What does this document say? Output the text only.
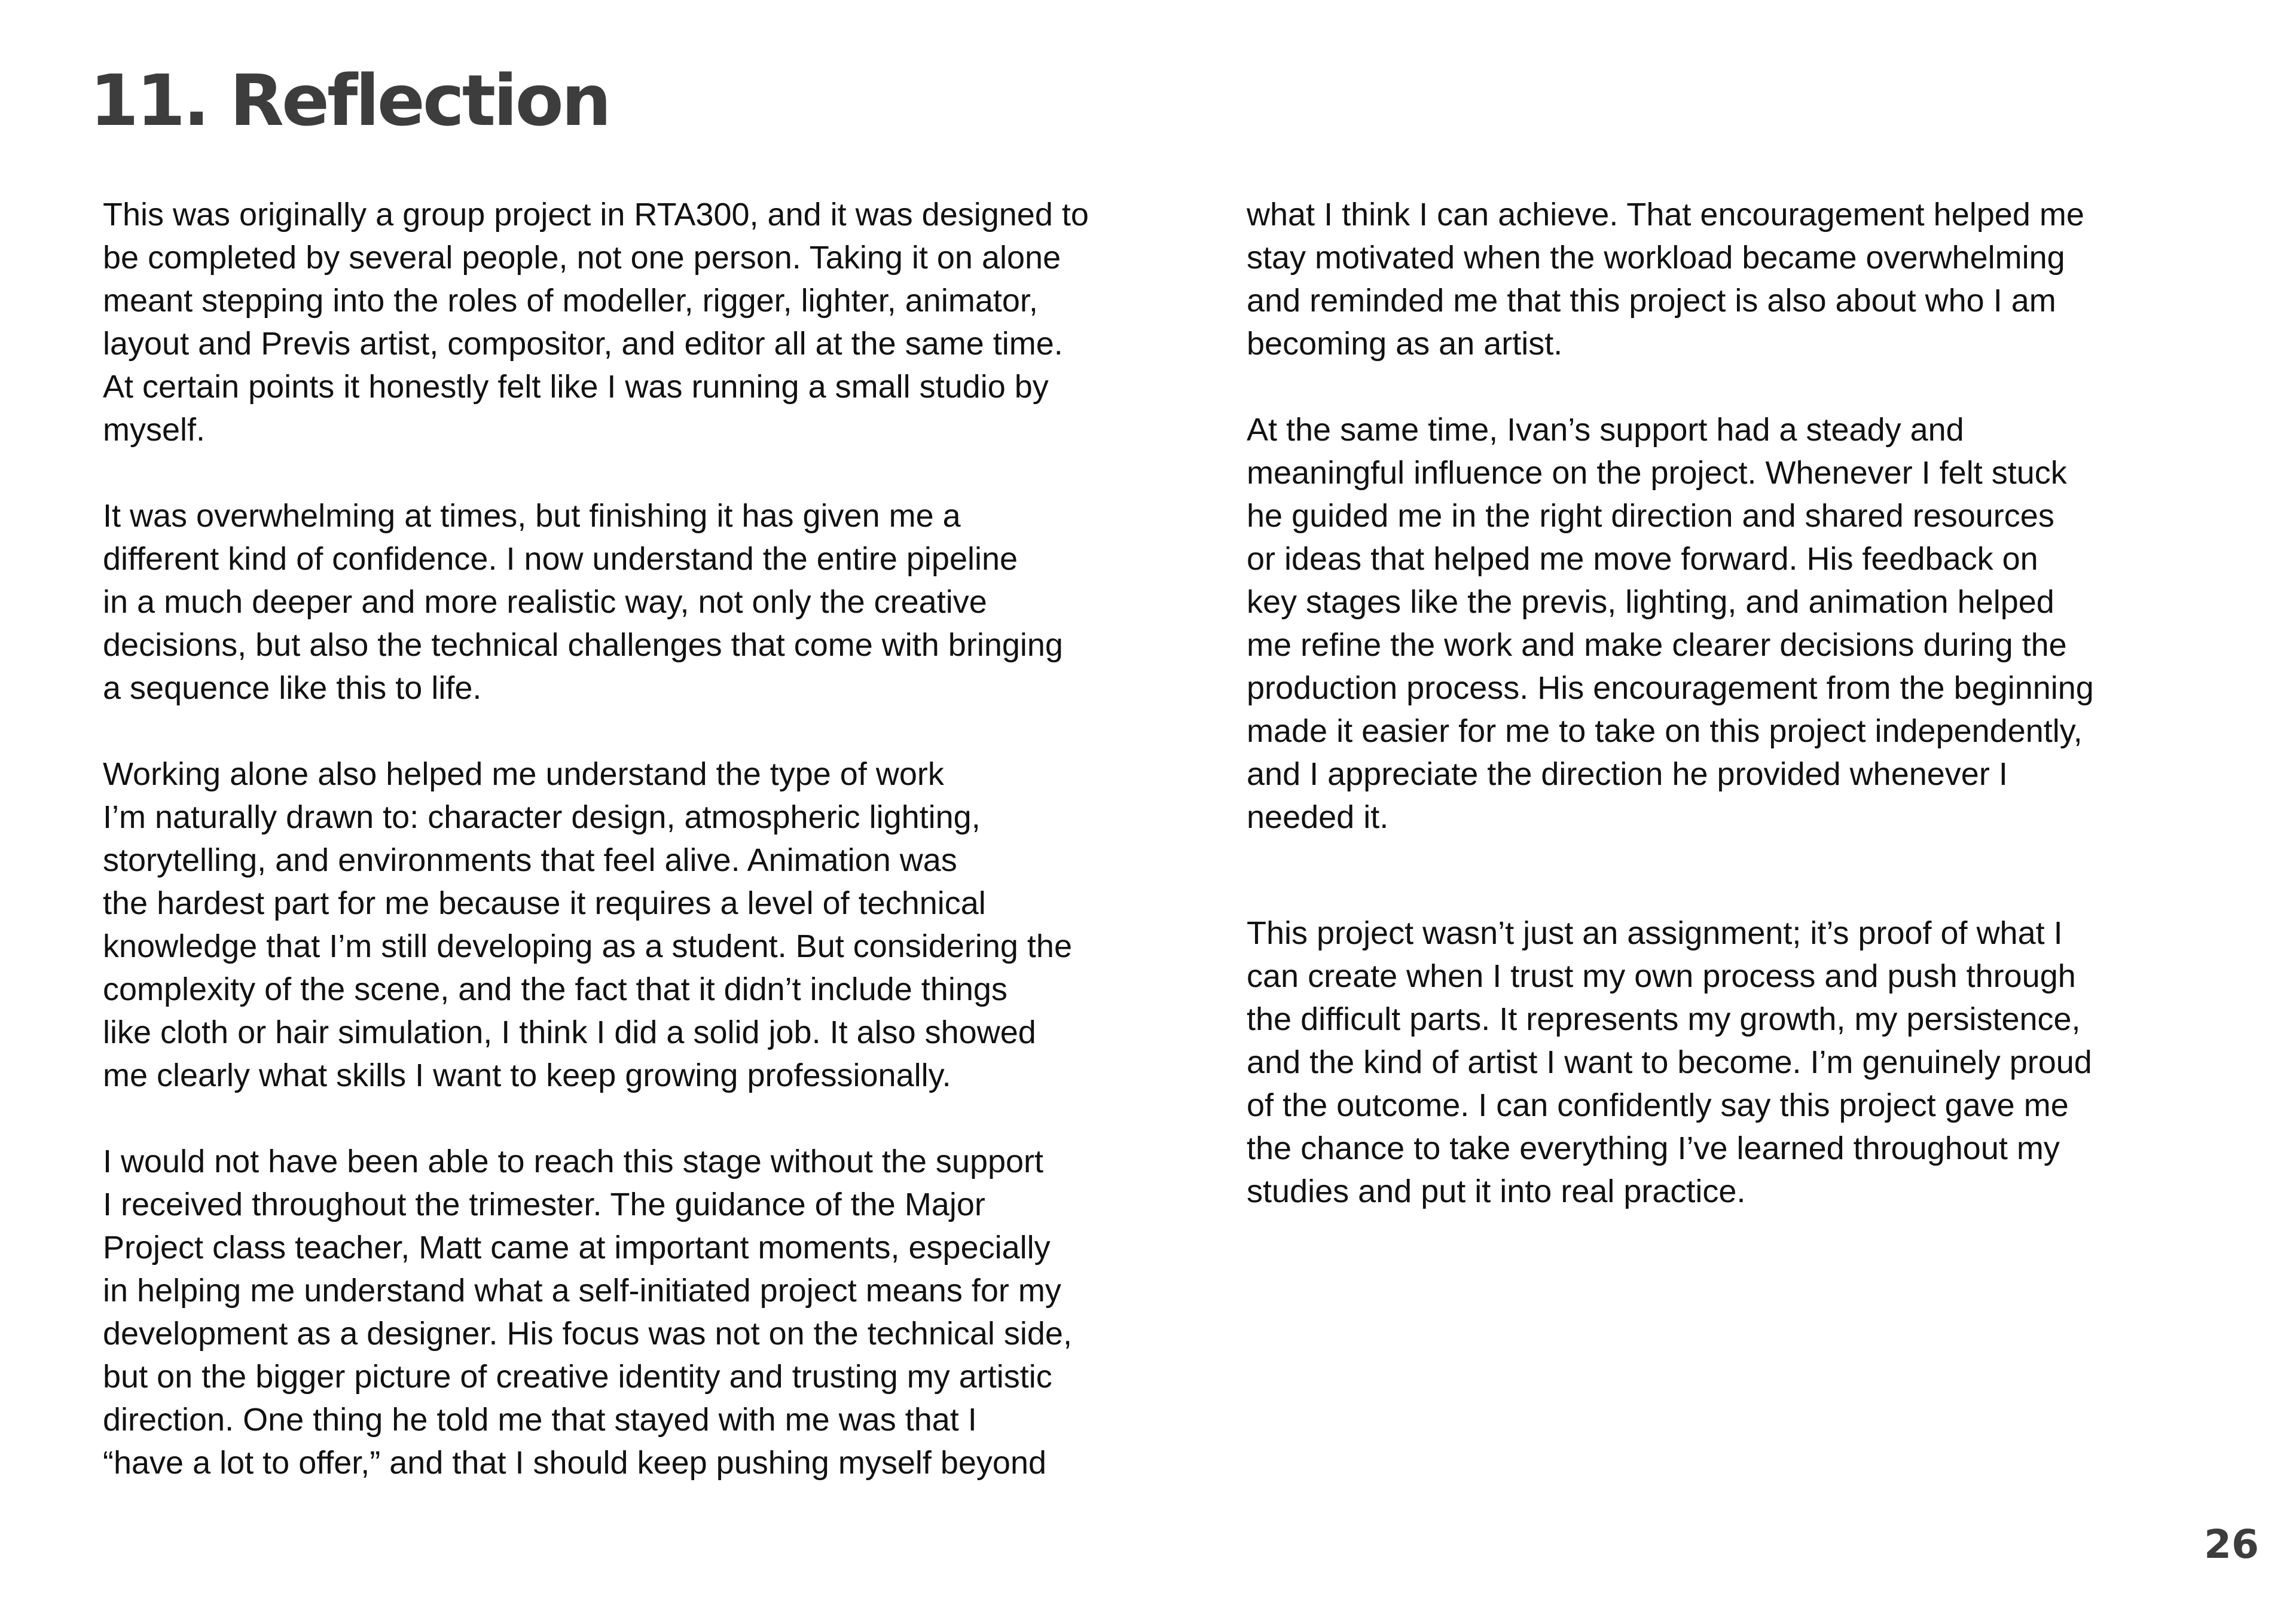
11. Reflection

This was originally a group project in RTA300, and it was designed to
be completed by several people, not one person. Taking it on alone
meant stepping into the roles of modeller, rigger, lighter, animator,
layout and Previs artist, compositor, and editor all at the same time.
At certain points it honestly felt like I was running a small studio by
myself.

It was overwhelming at times, but finishing it has given me a
different kind of confidence. I now understand the entire pipeline
in a much deeper and more realistic way, not only the creative
decisions, but also the technical challenges that come with bringing
a sequence like this to life.

Working alone also helped me understand the type of work
I’m naturally drawn to: character design, atmospheric lighting,
storytelling, and environments that feel alive. Animation was
the hardest part for me because it requires a level of technical
knowledge that I’m still developing as a student. But considering the
complexity of the scene, and the fact that it didn’t include things
like cloth or hair simulation, I think I did a solid job. It also showed
me clearly what skills I want to keep growing professionally.

I would not have been able to reach this stage without the support
I received throughout the trimester. The guidance of the Major
Project class teacher, Matt came at important moments, especially
in helping me understand what a self-initiated project means for my
development as a designer. His focus was not on the technical side,
but on the bigger picture of creative identity and trusting my artistic
direction. One thing he told me that stayed with me was that I
“have a lot to offer,” and that I should keep pushing myself beyond

what I think I can achieve. That encouragement helped me
stay motivated when the workload became overwhelming
and reminded me that this project is also about who I am
becoming as an artist.

At the same time, Ivan’s support had a steady and
meaningful influence on the project. Whenever I felt stuck
he guided me in the right direction and shared resources
or ideas that helped me move forward. His feedback on
key stages like the previs, lighting, and animation helped
me refine the work and make clearer decisions during the
production process. His encouragement from the beginning
made it easier for me to take on this project independently,
and I appreciate the direction he provided whenever I
needed it.

This project wasn’t just an assignment; it’s proof of what I
can create when I trust my own process and push through
the difficult parts. It represents my growth, my persistence,
and the kind of artist I want to become. I’m genuinely proud
of the outcome. I can confidently say this project gave me
the chance to take everything I’ve learned throughout my
studies and put it into real practice.

26
